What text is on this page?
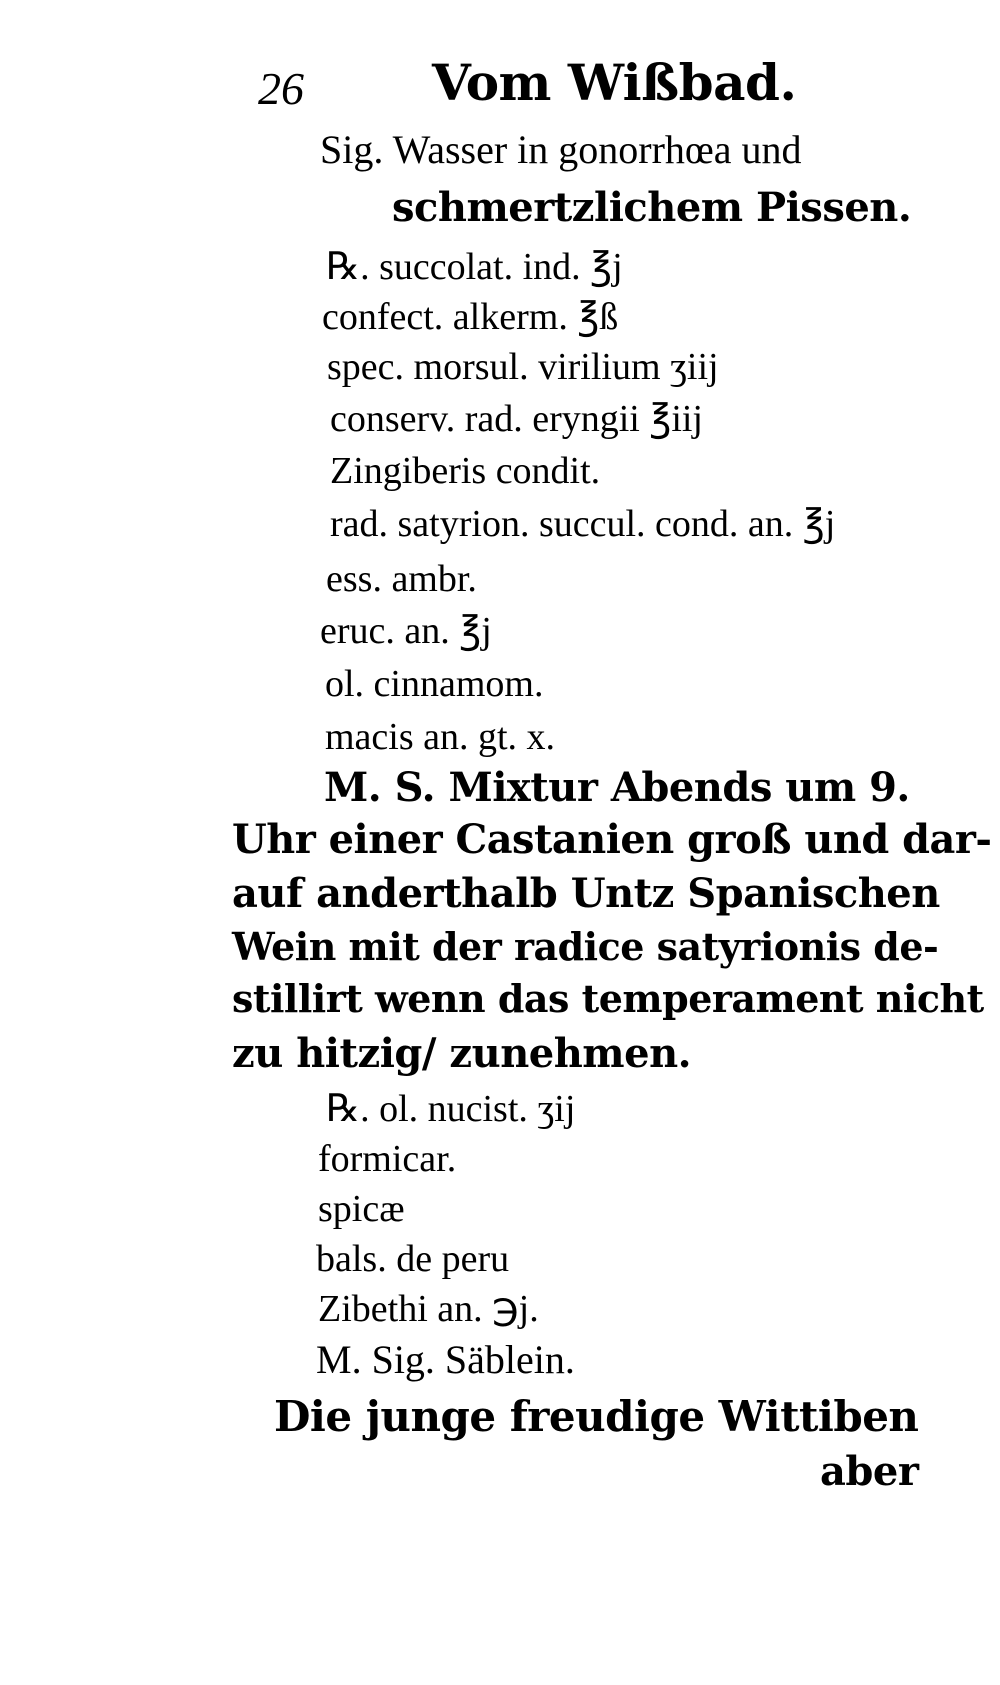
26	Vom Wißbad.
Sig. Wasser in gonorrhœa und
schmertzlichem Pissen.
℞. succolat. ind. ℥j
confect. alkerm. ℥ß
spec. morsul. virilium ʒiij
conserv. rad. eryngii ℥iij
Zingiberis condit.
rad. satyrion. succul. cond. an. ℥j
ess. ambr.
eruc. an. ℥j
ol. cinnamom.
macis an. gt. x.
M. S. Mixtur Abends um 9.
Uhr einer Castanien groß und dar-
auf anderthalb Untz Spanischen
Wein mit der radice satyrionis de-
stillirt wenn das temperament nicht
zu hitzig/ zunehmen.
℞. ol. nucist. ʒij
formicar.
spicæ
bals. de peru
Zibethi an. ℈j.
M. Sig. Säblein.
Die junge freudige Wittiben
aber
